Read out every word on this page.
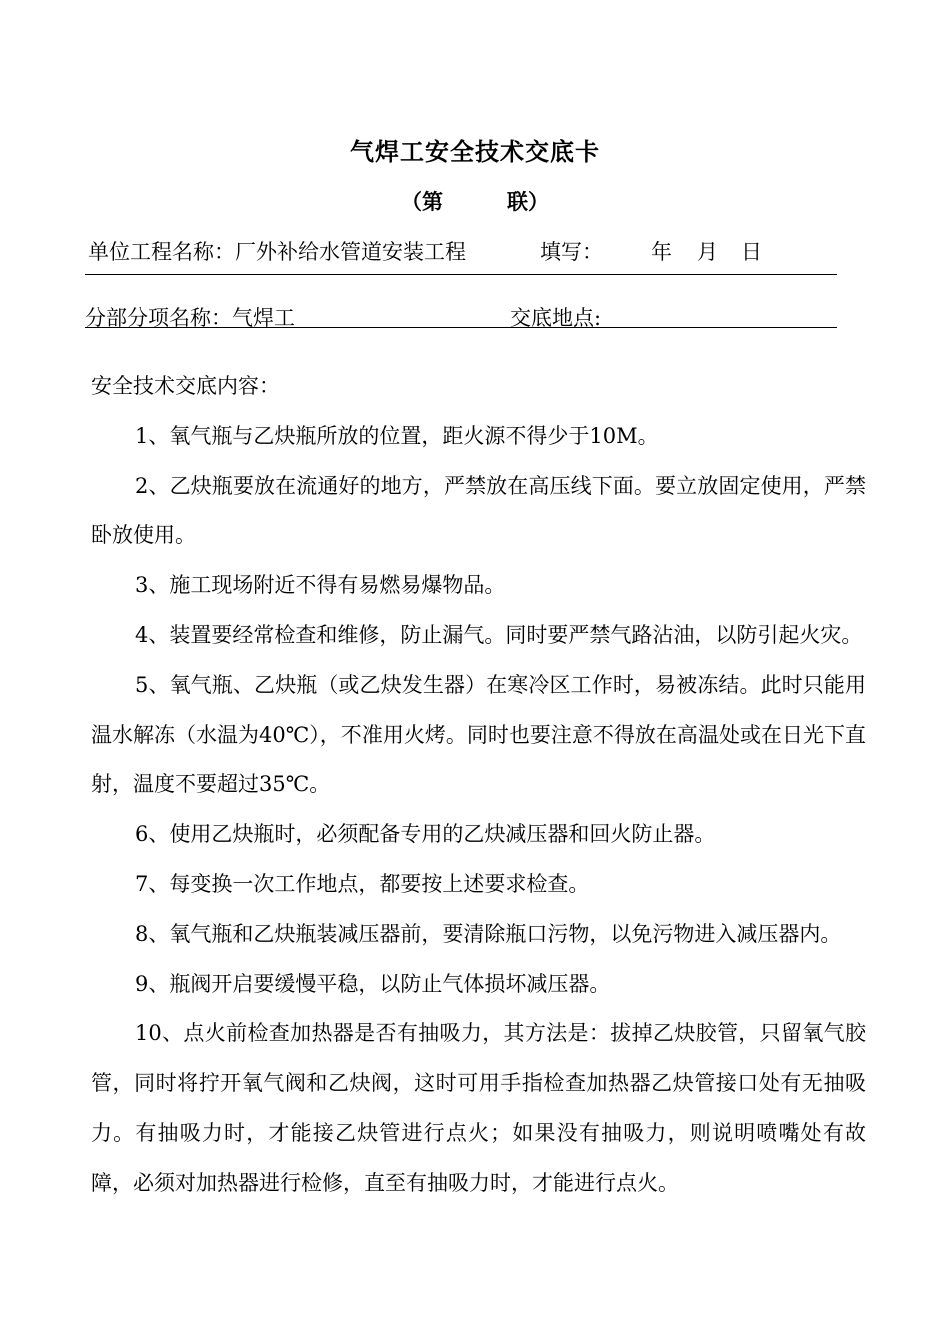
气焊工安全技术交底卡
（第	联）
单位工程名称：厂外补给水管道安装工程	填写： 年 月 日
分部分项名称：气焊工	交底地点:

安全技术交底内容：

1、氧气瓶与乙炔瓶所放的位置，距火源不得少于10M。

2、乙炔瓶要放在流通好的地方，严禁放在高压线下面。要立放固定使用，严禁卧放使用。

3、施工现场附近不得有易燃易爆物品。

4、装置要经常检查和维修，防止漏气。同时要严禁气路沾油，以防引起火灾。

5、氧气瓶、乙炔瓶（或乙炔发生器）在寒冷区工作时，易被冻结。此时只能用温水解冻（水温为40℃），不准用火烤。同时也要注意不得放在高温处或在日光下直射，温度不要超过35℃。

6、使用乙炔瓶时，必须配备专用的乙炔减压器和回火防止器。

7、每变换一次工作地点，都要按上述要求检查。

8、氧气瓶和乙炔瓶装减压器前，要清除瓶口污物，以免污物进入减压器内。

9、瓶阀开启要缓慢平稳，以防止气体损坏减压器。

10、点火前检查加热器是否有抽吸力，其方法是：拔掉乙炔胶管，只留氧气胶管，同时将拧开氧气阀和乙炔阀，这时可用手指检查加热器乙炔管接口处有无抽吸力。有抽吸力时，才能接乙炔管进行点火；如果没有抽吸力，则说明喷嘴处有故障，必须对加热器进行检修，直至有抽吸力时，才能进行点火。
